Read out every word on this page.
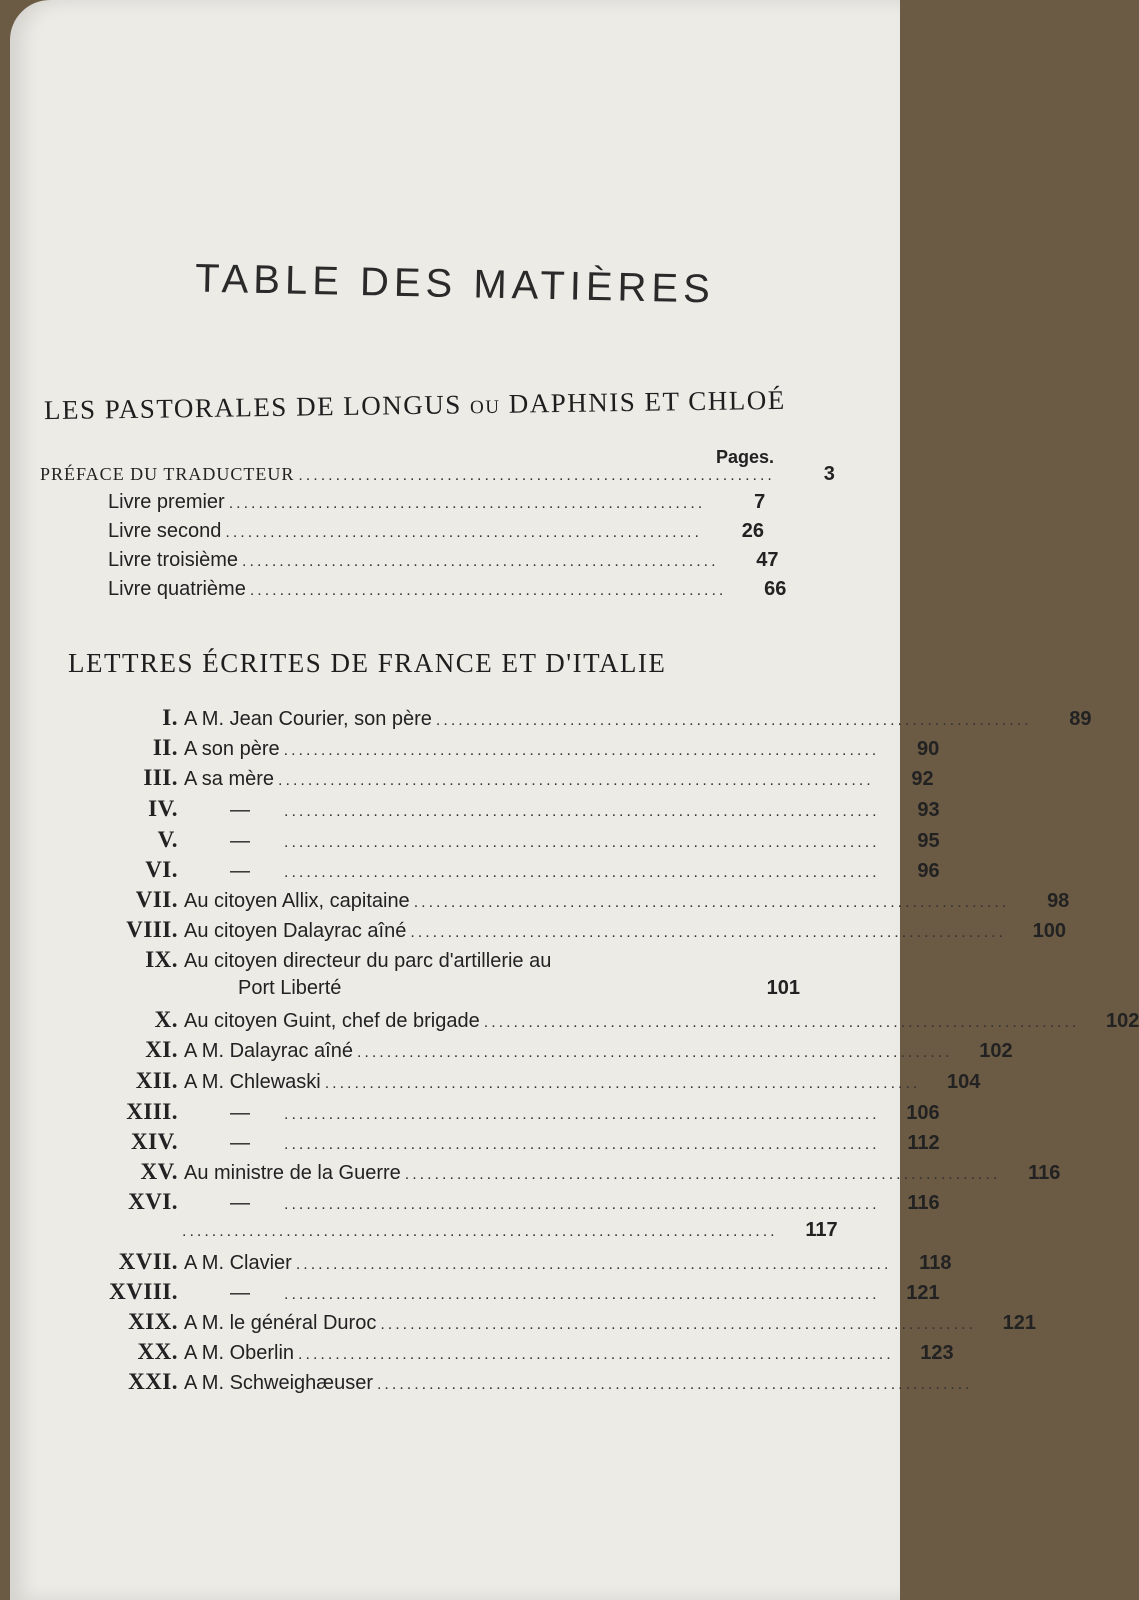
TABLE DES MATIÈRES
LES PASTORALES DE LONGUS ou DAPHNIS ET CHLOÉ
Pages.
PRÉFACE DU TRADUCTEUR ................................................................	3
Livre premier ................................................................	7
Livre second ................................................................	26
Livre troisième ................................................................	47
Livre quatrième ................................................................	66
LETTRES ÉCRITES DE FRANCE ET D'ITALIE
I. A M. Jean Courier, son père ................................................................................	89
II. A son père ................................................................................	90
III. A sa mère ................................................................................	92
IV.	—	................................................................................	93
V.	—	................................................................................	95
VI.	—	................................................................................	96
VII. Au citoyen Allix, capitaine ................................................................................	98
VIII. Au citoyen Dalayrac aîné ................................................................................	100
IX. Au citoyen directeur du parc d'artillerie au
Port Liberté	101
X. Au citoyen Guint, chef de brigade ................................................................................	102
XI. A M. Dalayrac aîné ................................................................................	102
XII. A M. Chlewaski ................................................................................	104
XIII.	—	................................................................................	106
XIV.	—	................................................................................	112
XV. Au ministre de la Guerre ................................................................................	116
XVI.	—	................................................................................	116
................................................................................	117
XVII. A M. Clavier ................................................................................	118
XVIII.	—	................................................................................	121
XIX. A M. le général Duroc ................................................................................	121
XX. A M. Oberlin ................................................................................	123
XXI. A M. Schweighæuser ................................................................................
